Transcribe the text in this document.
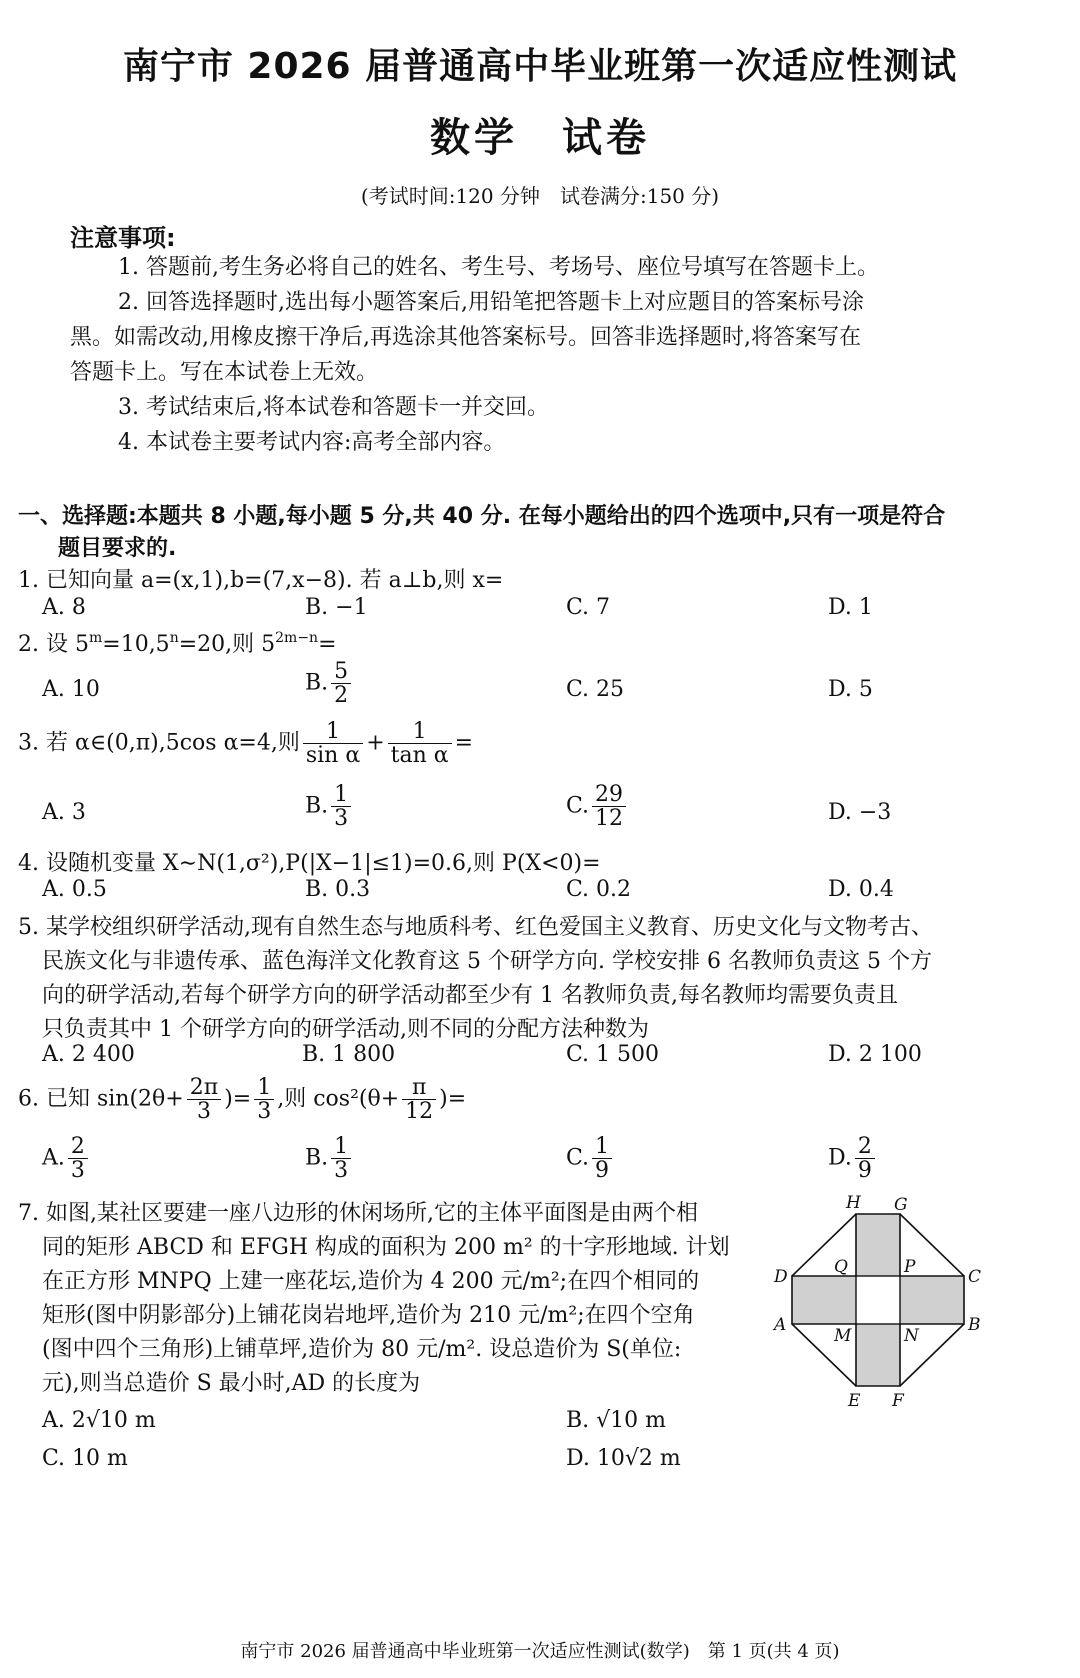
南宁市 2026 届普通高中毕业班第一次适应性测试
数学　试卷
(考试时间:120 分钟　试卷满分:150 分)
注意事项:
1. 答题前,考生务必将自己的姓名、考生号、考场号、座位号填写在答题卡上。
2. 回答选择题时,选出每小题答案后,用铅笔把答题卡上对应题目的答案标号涂
黑。如需改动,用橡皮擦干净后,再选涂其他答案标号。回答非选择题时,将答案写在
答题卡上。写在本试卷上无效。
3. 考试结束后,将本试卷和答题卡一并交回。
4. 本试卷主要考试内容:高考全部内容。
一、选择题:本题共 8 小题,每小题 5 分,共 40 分. 在每小题给出的四个选项中,只有一项是符合
题目要求的.
1. 已知向量 a=(x,1),b=(7,x−8). 若 a⊥b,则 x=
A. 8	B. −1	C. 7	D. 1
2. 设 $5^m=10,5^n=20$,则 $5^{2m-n}=$
A. 10	B. $\frac{5}{2}$	C. 25	D. 5
3. 若 α∈(0,π),5cos α=4,则 $\frac{1}{\text{sin α}} + \frac{1}{\text{tan α}}$ =
A. 3	B. $\frac{1}{3}$	C. $\frac{29}{12}$	D. −3
4. 设随机变量 X∼N(1,σ²),P(|X−1|≤1)=0.6,则 P(X<0)=
A. 0.5	B. 0.3	C. 0.2	D. 0.4
5. 某学校组织研学活动,现有自然生态与地质科考、红色爱国主义教育、历史文化与文物考古、
民族文化与非遗传承、蓝色海洋文化教育这 5 个研学方向. 学校安排 6 名教师负责这 5 个方
向的研学活动,若每个研学方向的研学活动都至少有 1 名教师负责,每名教师均需要负责且
只负责其中 1 个研学方向的研学活动,则不同的分配方法种数为
A. 2 400	B. 1 800	C. 1 500	D. 2 100
6. 已知 $\sin(2\theta+ \frac{2\pi}{3}$ )= $\frac{1}{3}$ ,则 $\cos^2(\theta+ \frac{\pi}{12}$ )=
A. $\frac{2}{3}$	B. $\frac{1}{3}$	C. $\frac{1}{9}$	D. $\frac{2}{9}$
7. 如图,某社区要建一座八边形的休闲场所,它的主体平面图是由两个相
同的矩形 ABCD 和 EFGH 构成的面积为 200 m² 的十字形地域. 计划
在正方形 MNPQ 上建一座花坛,造价为 4 200 元/m²;在四个相同的
矩形(图中阴影部分)上铺花岗岩地坪,造价为 210 元/m²;在四个空角
(图中四个三角形)上铺草坪,造价为 80 元/m². 设总造价为 S(单位:
元),则当总造价 S 最小时,AD 的长度为
A. 2√10 m	B. √10 m
C. 10 m	D. 10√2 m
H G
D	C
A	B
E F
Q	P
M	N
南宁市 2026 届普通高中毕业班第一次适应性测试(数学)　第 1 页(共 4 页)
